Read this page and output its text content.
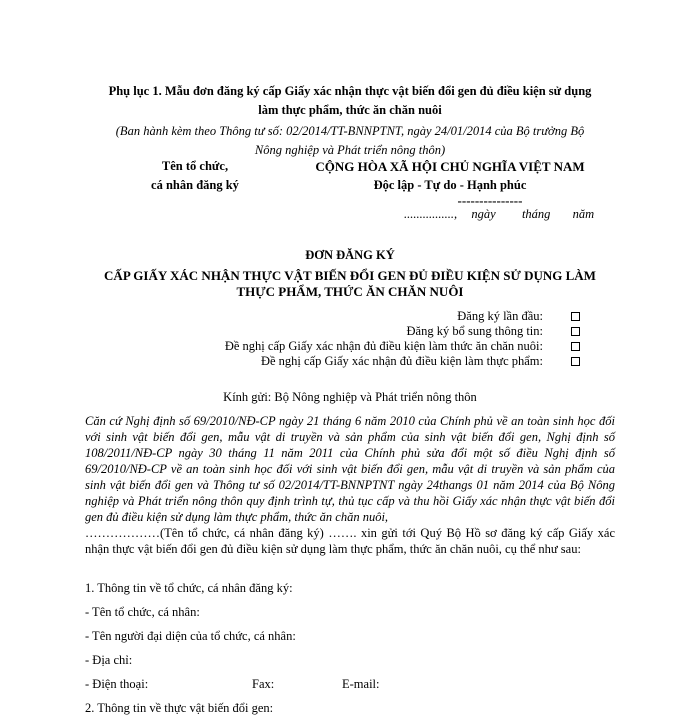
Phụ lục 1. Mẫu đơn đăng ký cấp Giấy xác nhận thực vật biến đổi gen đủ điều kiện sử dụng
làm thực phẩm, thức ăn chăn nuôi
(Ban hành kèm theo Thông tư số: 02/2014/TT-BNNPTNT, ngày 24/01/2014 của Bộ trưởng Bộ
Nông nghiệp và Phát triển nông thôn)
Tên tổ chức,
cá nhân đăng ký
CỘNG HÒA XÃ HỘI CHỦ NGHĨA VIỆT NAM
Độc lập - Tự do - Hạnh phúc
---------------
................, ngày tháng năm
ĐƠN ĐĂNG KÝ
CẤP GIẤY XÁC NHẬN THỰC VẬT BIẾN ĐỔI GEN ĐỦ ĐIỀU KIỆN SỬ DỤNG LÀM
THỰC PHẨM, THỨC ĂN CHĂN NUÔI
Đăng ký lần đầu:
Đăng ký bổ sung thông tin:
Đề nghị cấp Giấy xác nhận đủ điều kiện làm thức ăn chăn nuôi:
Đề nghị cấp Giấy xác nhận đủ điều kiện làm thực phẩm:
Kính gửi: Bộ Nông nghiệp và Phát triển nông thôn
Căn cứ Nghị định số 69/2010/NĐ-CP ngày 21 tháng 6 năm 2010 của Chính phủ về an toàn sinh học đối với sinh vật biến đổi gen, mẫu vật di truyền và sản phẩm của sinh vật biến đổi gen, Nghị định số 108/2011/NĐ-CP ngày 30 tháng 11 năm 2011 của Chính phủ sửa đổi một số điều Nghị định số 69/2010/NĐ-CP về an toàn sinh học đối với sinh vật biến đổi gen, mẫu vật di truyền và sản phẩm của sinh vật biến đổi gen và Thông tư số 02/2014/TT-BNNPTNT ngày 24thangs 01 năm 2014 của Bộ Nông nghiệp và Phát triển nông thôn quy định trình tự, thủ tục cấp và thu hồi Giấy xác nhận thực vật biến đổi gen đủ điều kiện sử dụng làm thực phẩm, thức ăn chăn nuôi,
………………(Tên tổ chức, cá nhân đăng ký) ……. xin gửi tới Quý Bộ Hồ sơ đăng ký cấp Giấy xác nhận thực vật biến đổi gen đủ điều kiện sử dụng làm thực phẩm, thức ăn chăn nuôi, cụ thể như sau:
1. Thông tin về tổ chức, cá nhân đăng ký:
- Tên tổ chức, cá nhân:
- Tên người đại diện của tổ chức, cá nhân:
- Địa chỉ:
- Điện thoại:	Fax:	E-mail:
2. Thông tin về thực vật biến đổi gen:
